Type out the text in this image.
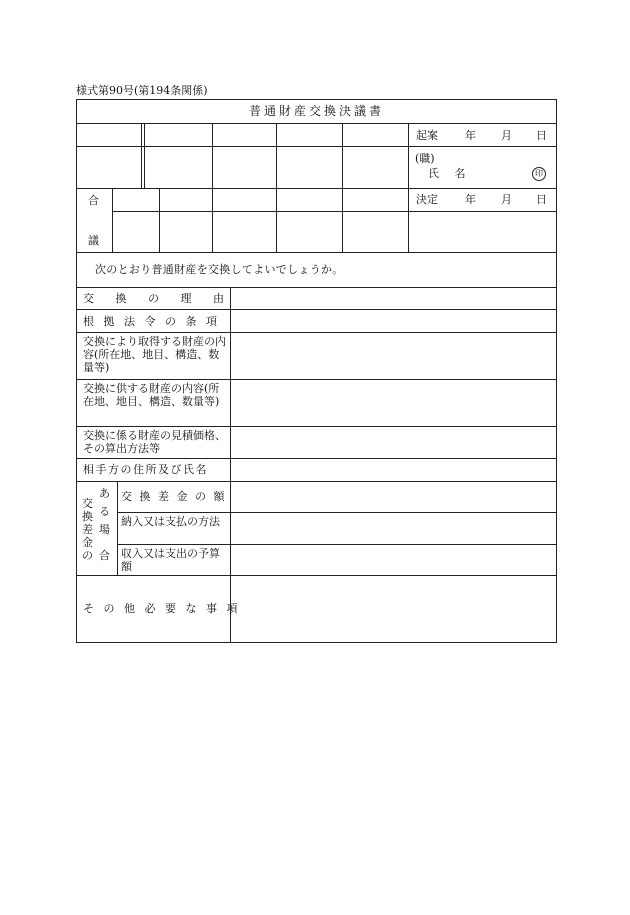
様式第90号(第194条関係)
普通財産交換決議書
起案 年 月 日
(職)
氏 名	印
合
議
決定 年 月 日
次のとおり普通財産を交換してよいでしょうか。
交 換 の 理 由
根 拠 法 令 の 条 項
交換により取得する財産の内容(所在地、地目、構造、数量等)
交換に供する財産の内容(所在地、地目、構造、数量等)
交換に係る財産の見積価格、その算出方法等
相手方の住所及び氏名
交
換
差
金
の
あ
る
場
合
交 換 差 金 の 額
納入又は支払の方法
収入又は支出の予算額
そ の 他 必 要 な 事 項
